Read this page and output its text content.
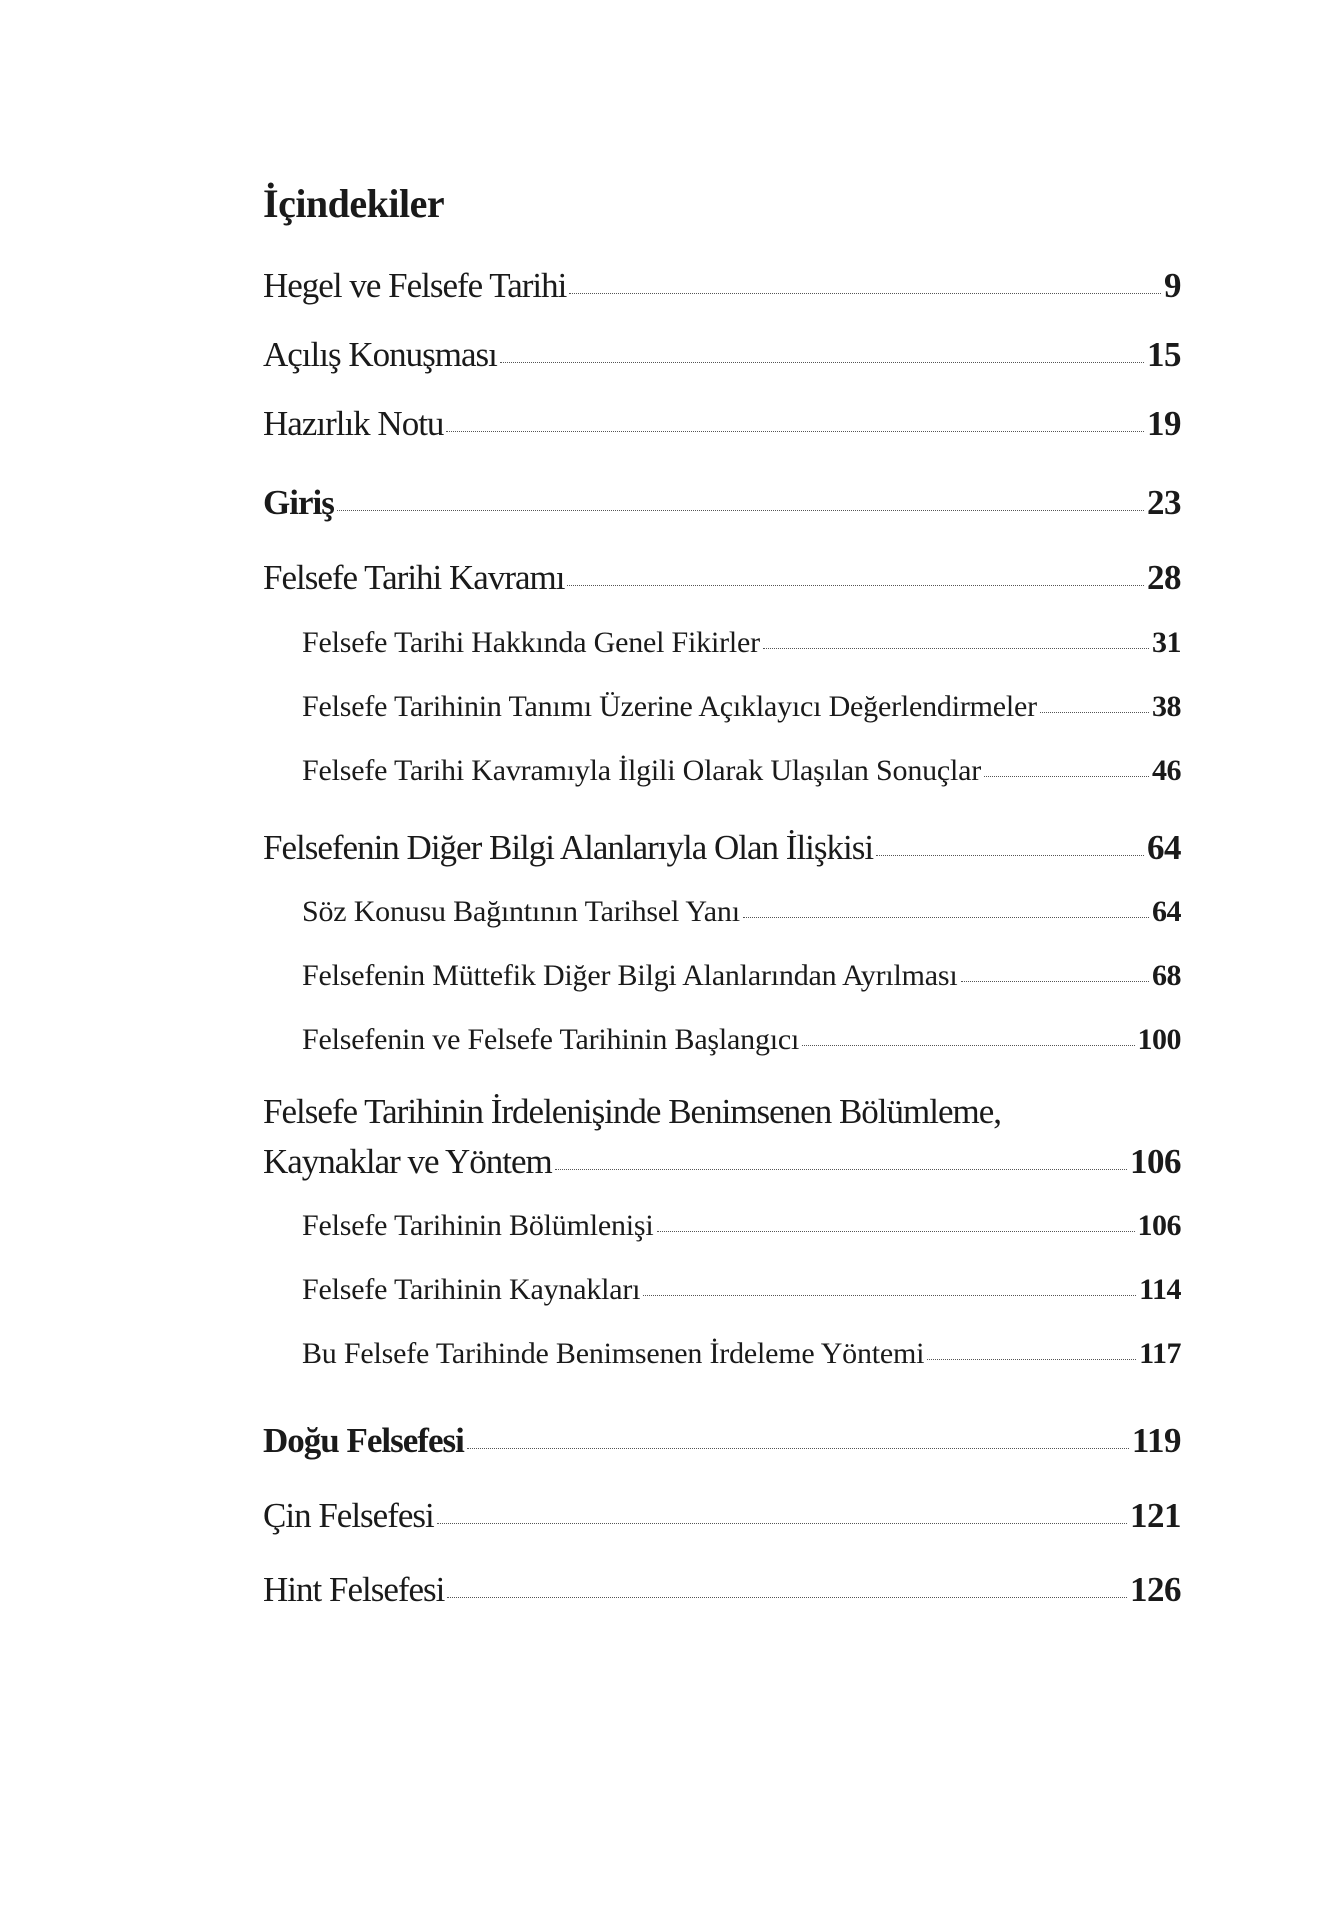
İçindekiler
Hegel ve Felsefe Tarihi	9
Açılış Konuşması	15
Hazırlık Notu	19
Giriş	23
Felsefe Tarihi Kavramı	28
Felsefe Tarihi Hakkında Genel Fikirler	31
Felsefe Tarihinin Tanımı Üzerine Açıklayıcı Değerlendirmeler	38
Felsefe Tarihi Kavramıyla İlgili Olarak Ulaşılan Sonuçlar	46
Felsefenin Diğer Bilgi Alanlarıyla Olan İlişkisi	64
Söz Konusu Bağıntının Tarihsel Yanı	64
Felsefenin Müttefik Diğer Bilgi Alanlarından Ayrılması	68
Felsefenin ve Felsefe Tarihinin Başlangıcı	100
Felsefe Tarihinin İrdelenişinde Benimsenen Bölümleme,
Kaynaklar ve Yöntem	106
Felsefe Tarihinin Bölümlenişi	106
Felsefe Tarihinin Kaynakları	114
Bu Felsefe Tarihinde Benimsenen İrdeleme Yöntemi	117
Doğu Felsefesi	119
Çin Felsefesi	121
Hint Felsefesi	126
